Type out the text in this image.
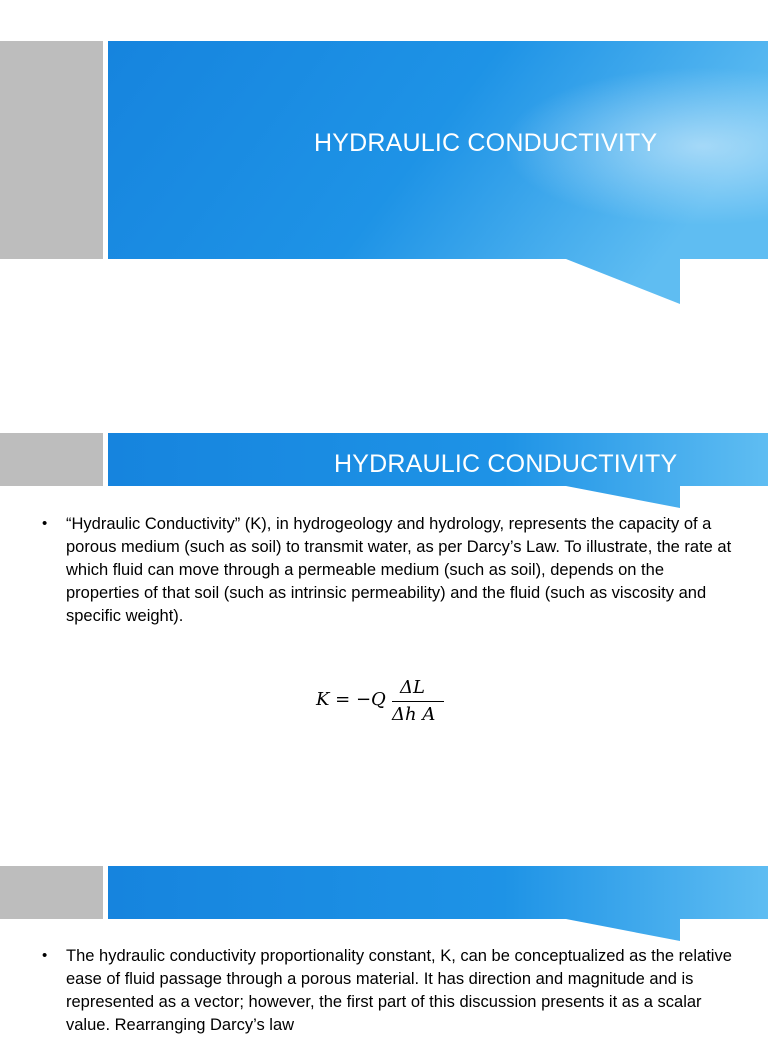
HYDRAULIC CONDUCTIVITY
HYDRAULIC CONDUCTIVITY
• “Hydraulic Conductivity” (K), in hydrogeology and hydrology, represents the capacity of a porous medium (such as soil) to transmit water, as per Darcy’s Law. To illustrate, the rate at which fluid can move through a permeable medium (such as soil), depends on the properties of that soil (such as intrinsic permeability) and the fluid (such as viscosity and specific weight).
K = −Q
ΔL
Δh A
• The hydraulic conductivity proportionality constant, K, can be conceptualized as the relative ease of fluid passage through a porous material. It has direction and magnitude and is represented as a vector; however, the first part of this discussion presents it as a scalar value. Rearranging Darcy’s law
